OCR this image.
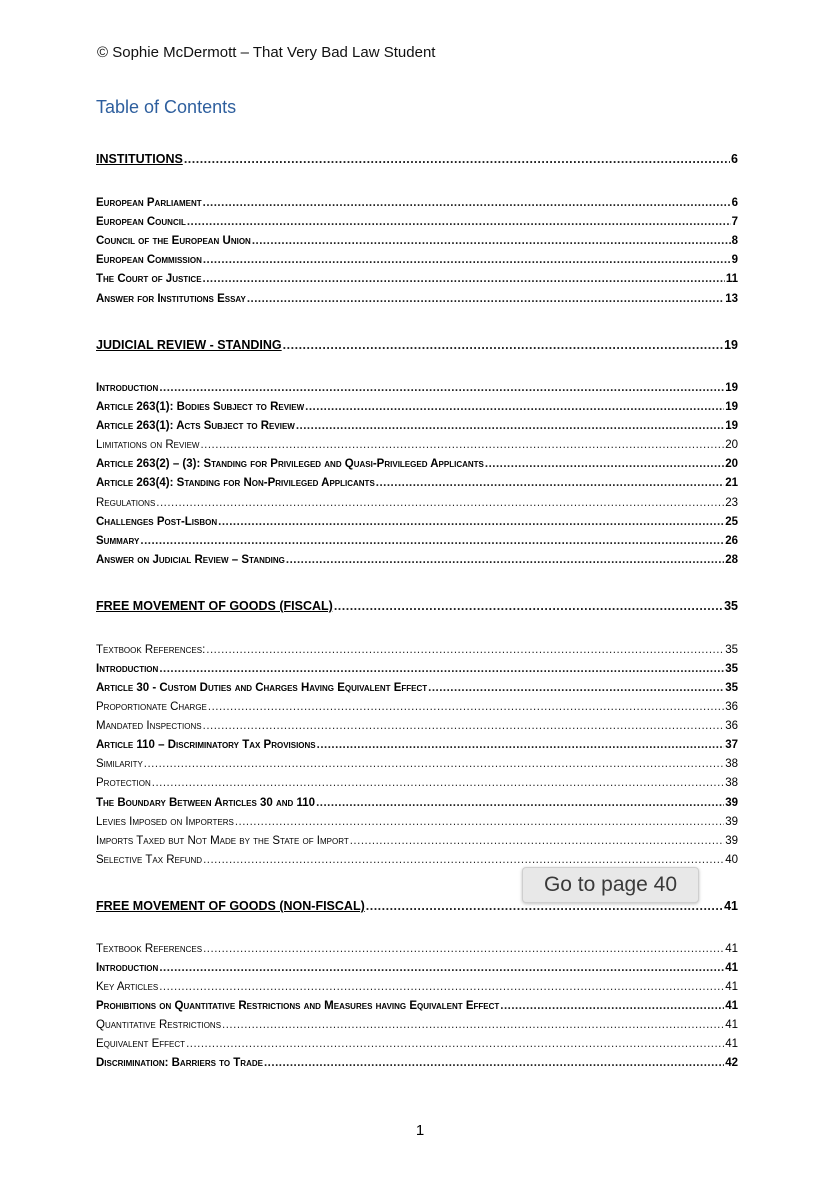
© Sophie McDermott – That Very Bad Law Student
Table of Contents
INSTITUTIONS .....	6
European Parliament .....	6
European Council .....	7
Council of the European Union .....	8
European Commission .....	9
The Court of Justice .....	11
Answer for Institutions Essay .....	13
JUDICIAL REVIEW - STANDING .....	19
Introduction .....	19
Article 263(1): Bodies Subject to Review .....	19
Article 263(1): Acts Subject to Review .....	19
Limitations on Review .....	20
Article 263(2) – (3): Standing for Privileged and Quasi-Privileged Applicants .....	20
Article 263(4): Standing for Non-Privileged Applicants .....	21
Regulations .....	23
Challenges Post-Lisbon .....	25
Summary .....	26
Answer on Judicial Review – Standing .....	28
FREE MOVEMENT OF GOODS (FISCAL) .....	35
Textbook References: .....	35
Introduction .....	35
Article 30 - Custom Duties and Charges Having Equivalent Effect .....	35
Proportionate Charge .....	36
Mandated Inspections .....	36
Article 110 – Discriminatory Tax Provisions .....	37
Similarity .....	38
Protection .....	38
The Boundary Between Articles 30 and 110 .....	39
Levies Imposed on Importers .....	39
Imports Taxed but Not Made by the State of Import .....	39
Selective Tax Refund .....	40
FREE MOVEMENT OF GOODS (NON-FISCAL) .....	41
Textbook References .....	41
Introduction .....	41
Key Articles .....	41
Prohibitions on Quantitative Restrictions and Measures having Equivalent Effect .....	41
Quantitative Restrictions .....	41
Equivalent Effect .....	41
Discrimination: Barriers to Trade .....	42
Go to page 40
1
